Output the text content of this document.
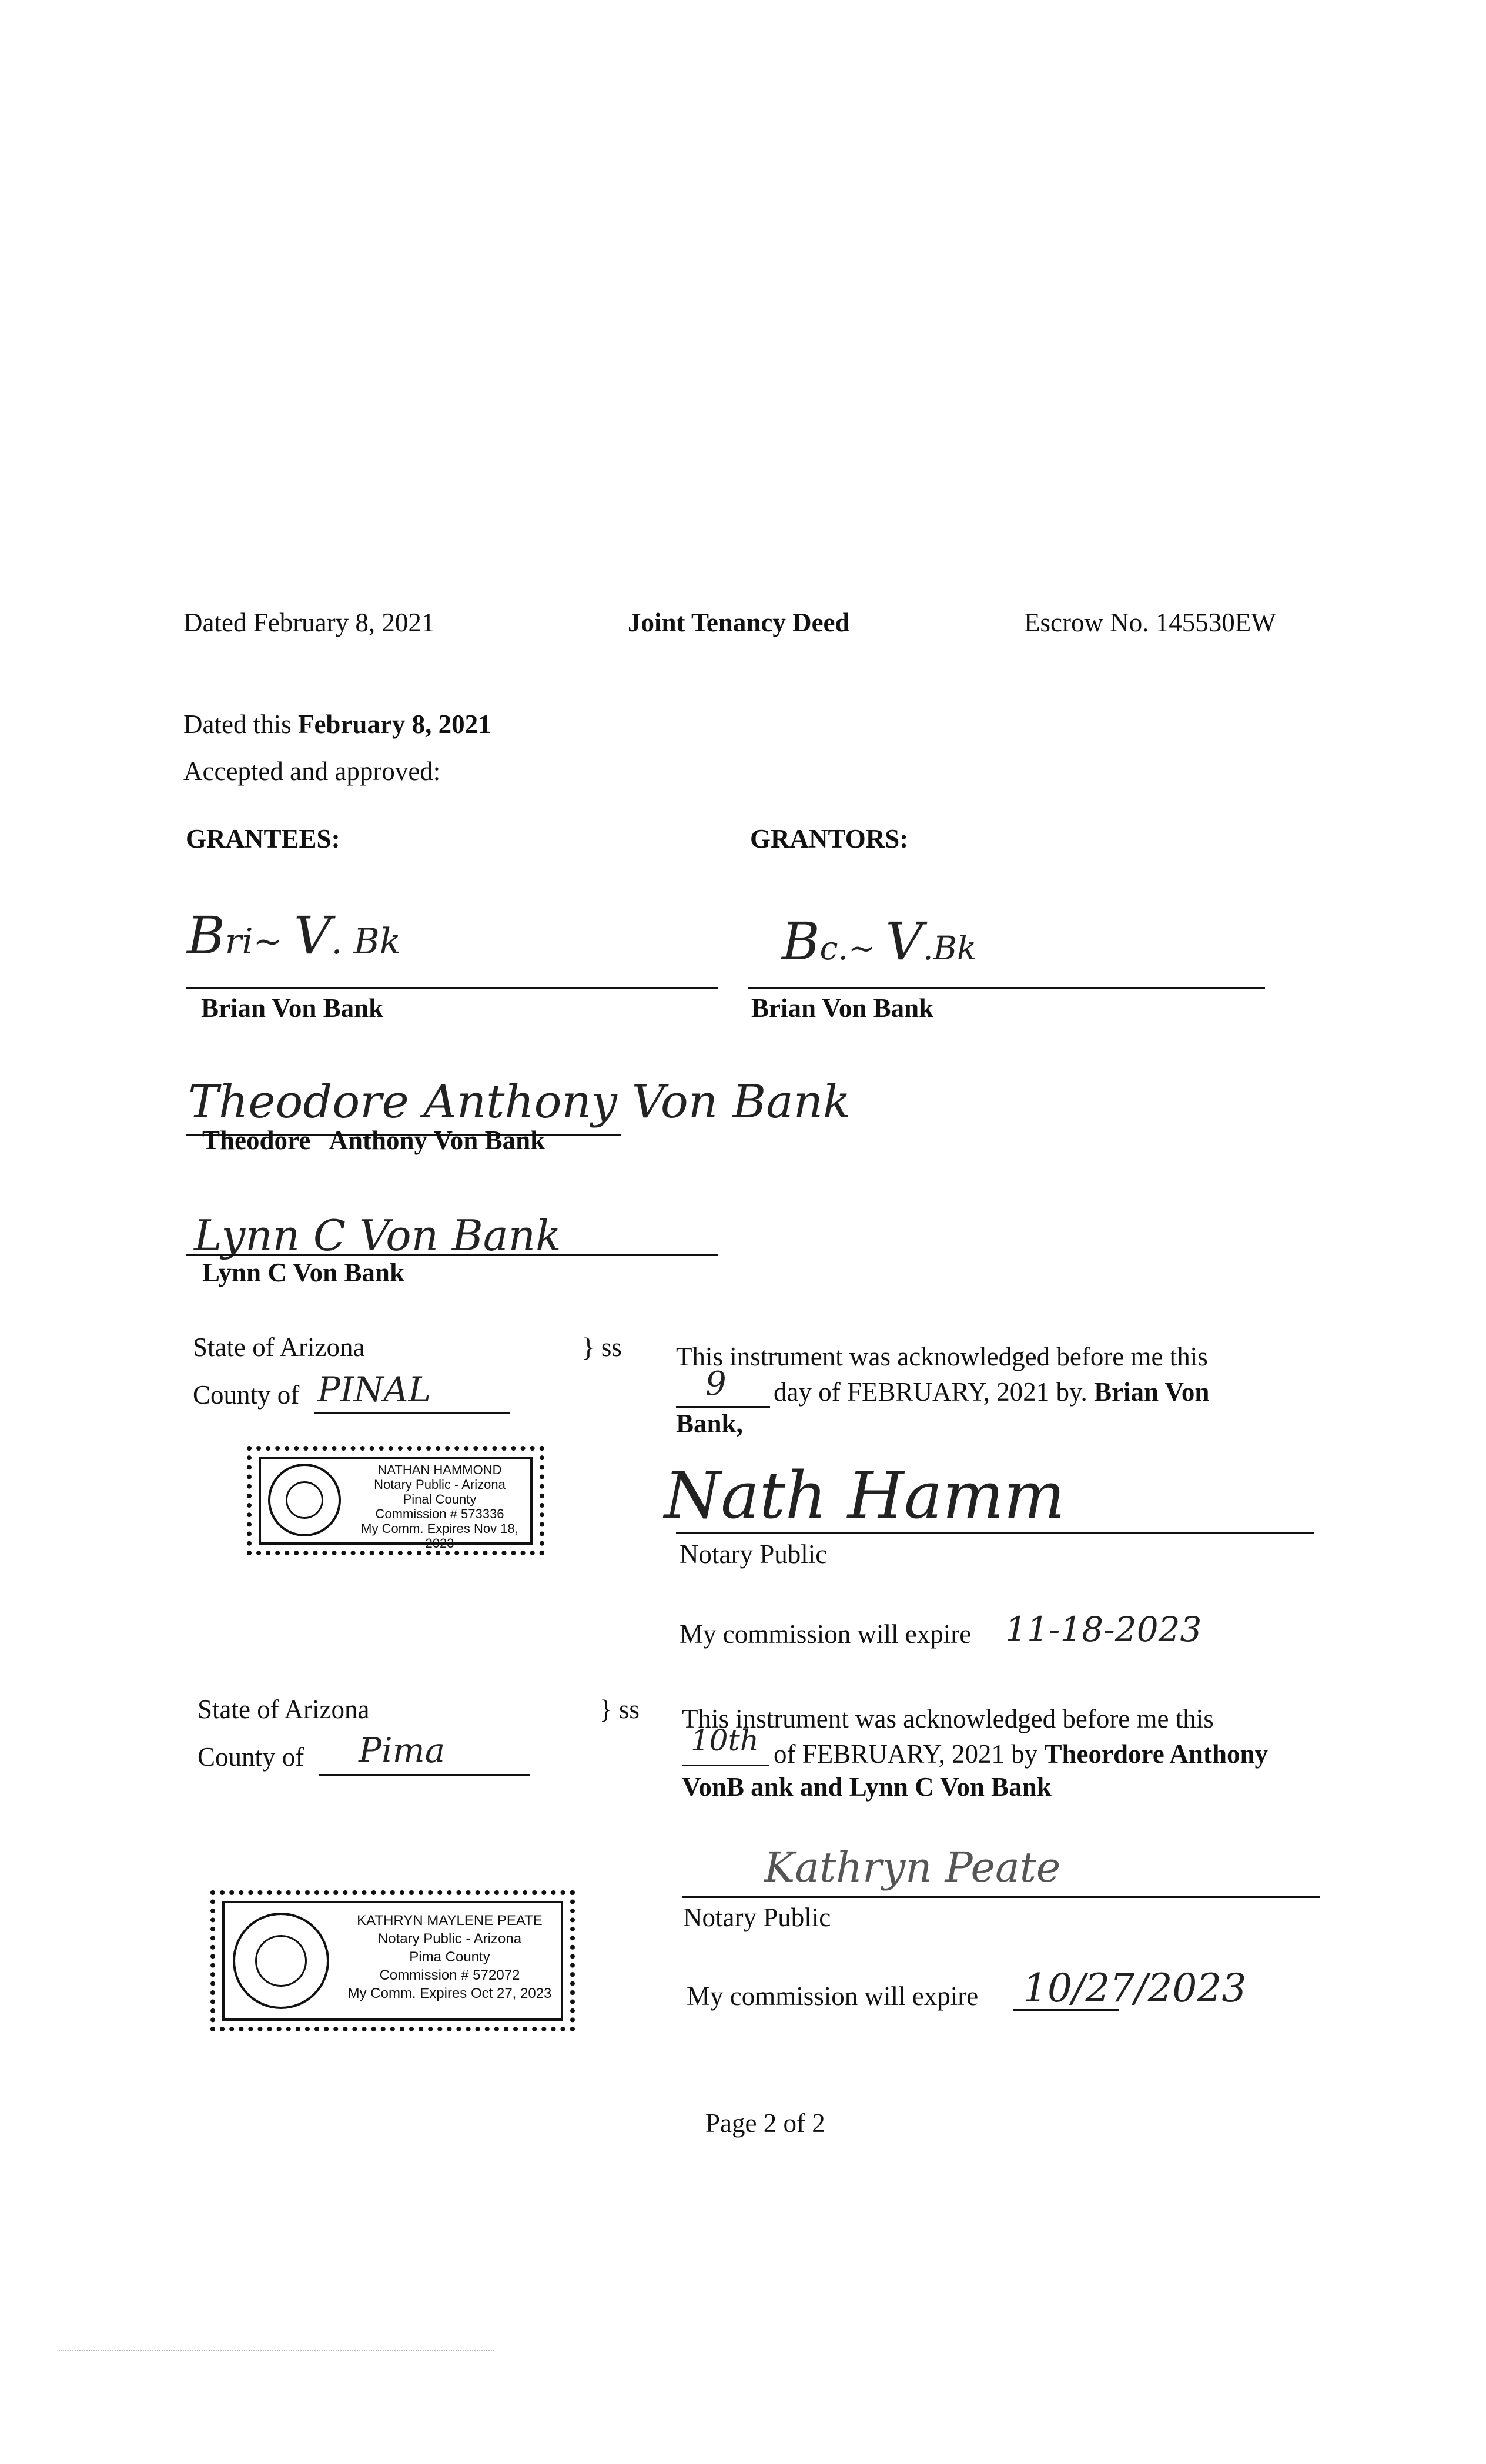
Dated February 8, 2021	Joint Tenancy Deed	Escrow No. 145530EW
Dated this February 8, 2021
Accepted and approved:
GRANTEES:	GRANTORS:
Bri~ V. Bk
Brian Von Bank
Bc.~ V.Bk
Brian Von Bank
Theodore Anthony Von Bank
Theodore   Anthony Von Bank
Lynn C Von Bank
Lynn C Von Bank
State of Arizona
County of PINAL
} ss This instrument was acknowledged before me this
9 day of FEBRUARY, 2021 by. Brian Von
Bank,
Nath Hamm
Notary Public
My commission will expire 11-18-2023
NATHAN HAMMOND
Notary Public - Arizona
Pinal County
Commission # 573336
My Comm. Expires Nov 18, 2023
State of Arizona
County of Pima
} ss This instrument was acknowledged before me this
10th of FEBRUARY, 2021 by Theordore Anthony
VonB ank and Lynn C Von Bank
Kathryn Peate
Notary Public
My commission will expire 10/27/2023
KATHRYN MAYLENE PEATE
Notary Public - Arizona
Pima County
Commission # 572072
My Comm. Expires Oct 27, 2023
Page 2 of 2
